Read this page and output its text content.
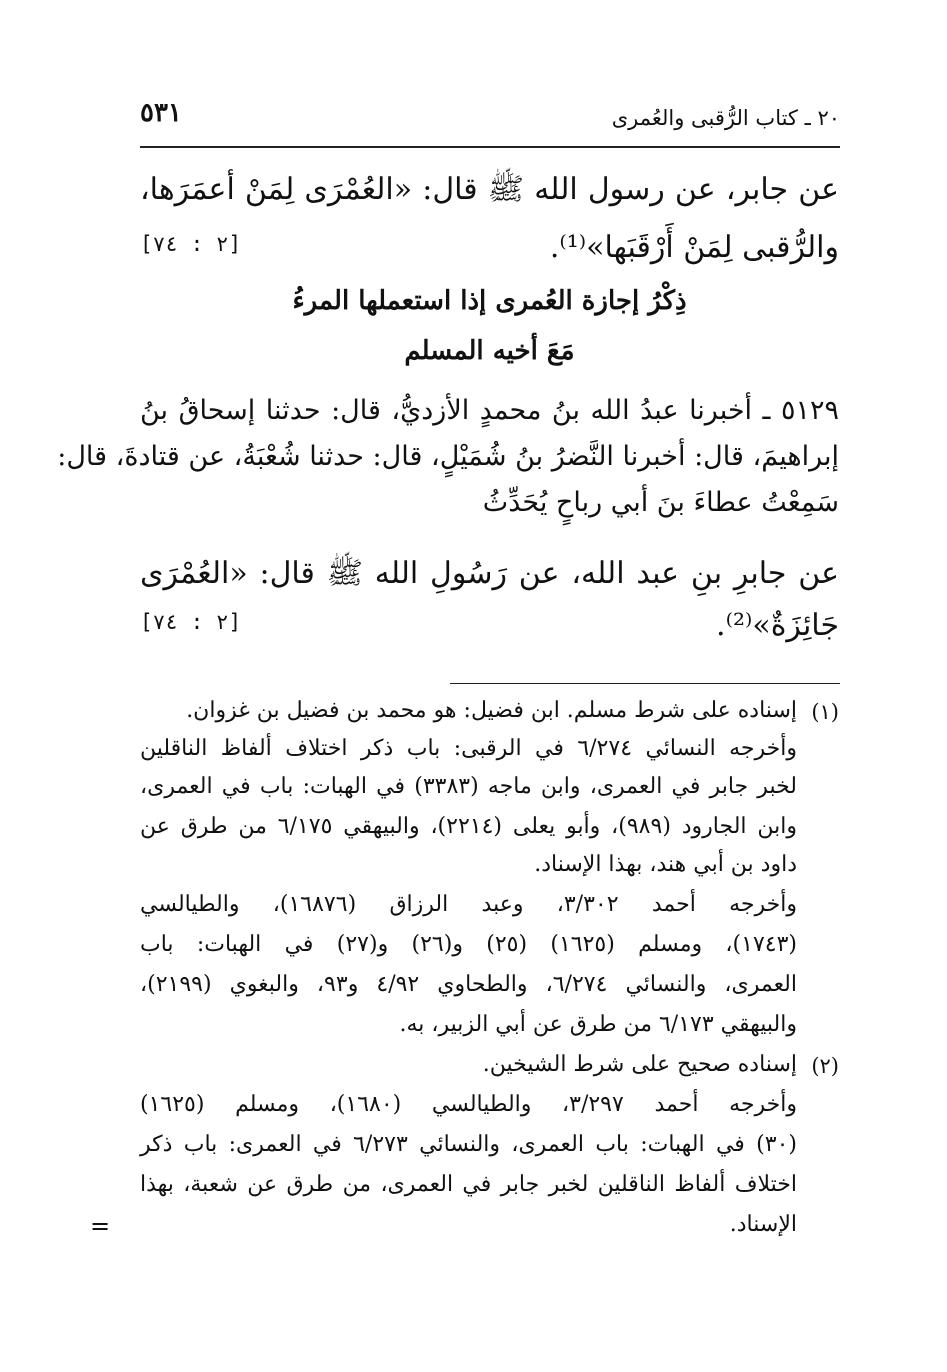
٢٠ ـ كتاب الرُّقبى والعُمرى
٥٣١
عن جابر، عن رسول الله ﷺ قال: «العُمْرَى لِمَنْ أعمَرَها،
والرُّقبى لِمَنْ أَرْقَبَها»⁽¹⁾.
[٢ : ٧٤]
ذِكْرُ إجازة العُمرى إذا استعملها المرءُ
مَعَ أخيه المسلم
٥١٢٩ ـ أخبرنا عبدُ الله بنُ محمدٍ الأزديُّ، قال: حدثنا إسحاقُ بنُ
إبراهيمَ، قال: أخبرنا النَّضرُ بنُ شُمَيْلٍ، قال: حدثنا شُعْبَةُ، عن قتادةَ، قال:
سَمِعْتُ عطاءَ بنَ أبي رباحٍ يُحَدِّثُ
عن جابرِ بنِ عبد الله، عن رَسُولِ الله ﷺ قال: «العُمْرَى
جَائِزَةٌ»⁽²⁾.
[٢ : ٧٤]
(١)
إسناده على شرط مسلم. ابن فضيل: هو محمد بن فضيل بن غزوان.
وأخرجه النسائي ٦/٢٧٤ في الرقبى: باب ذكر اختلاف ألفاظ الناقلين
لخبر جابر في العمرى، وابن ماجه (٣٣٨٣) في الهبات: باب في العمرى،
وابن الجارود (٩٨٩)، وأبو يعلى (٢٢١٤)، والبيهقي ٦/١٧٥ من طرق عن
داود بن أبي هند، بهذا الإسناد.
وأخرجه أحمد ٣/٣٠٢، وعبد الرزاق (١٦٨٧٦)، والطيالسي
(١٧٤٣)، ومسلم (١٦٢٥) (٢٥) و(٢٦) و(٢٧) في الهبات: باب
العمرى، والنسائي ٦/٢٧٤، والطحاوي ٤/٩٢ و٩٣، والبغوي (٢١٩٩)،
والبيهقي ٦/١٧٣ من طرق عن أبي الزبير، به.
(٢)
إسناده صحيح على شرط الشيخين.
وأخرجه أحمد ٣/٢٩٧، والطيالسي (١٦٨٠)، ومسلم (١٦٢٥)
(٣٠) في الهبات: باب العمرى، والنسائي ٦/٢٧٣ في العمرى: باب ذكر
اختلاف ألفاظ الناقلين لخبر جابر في العمرى، من طرق عن شعبة، بهذا
الإسناد.
=
